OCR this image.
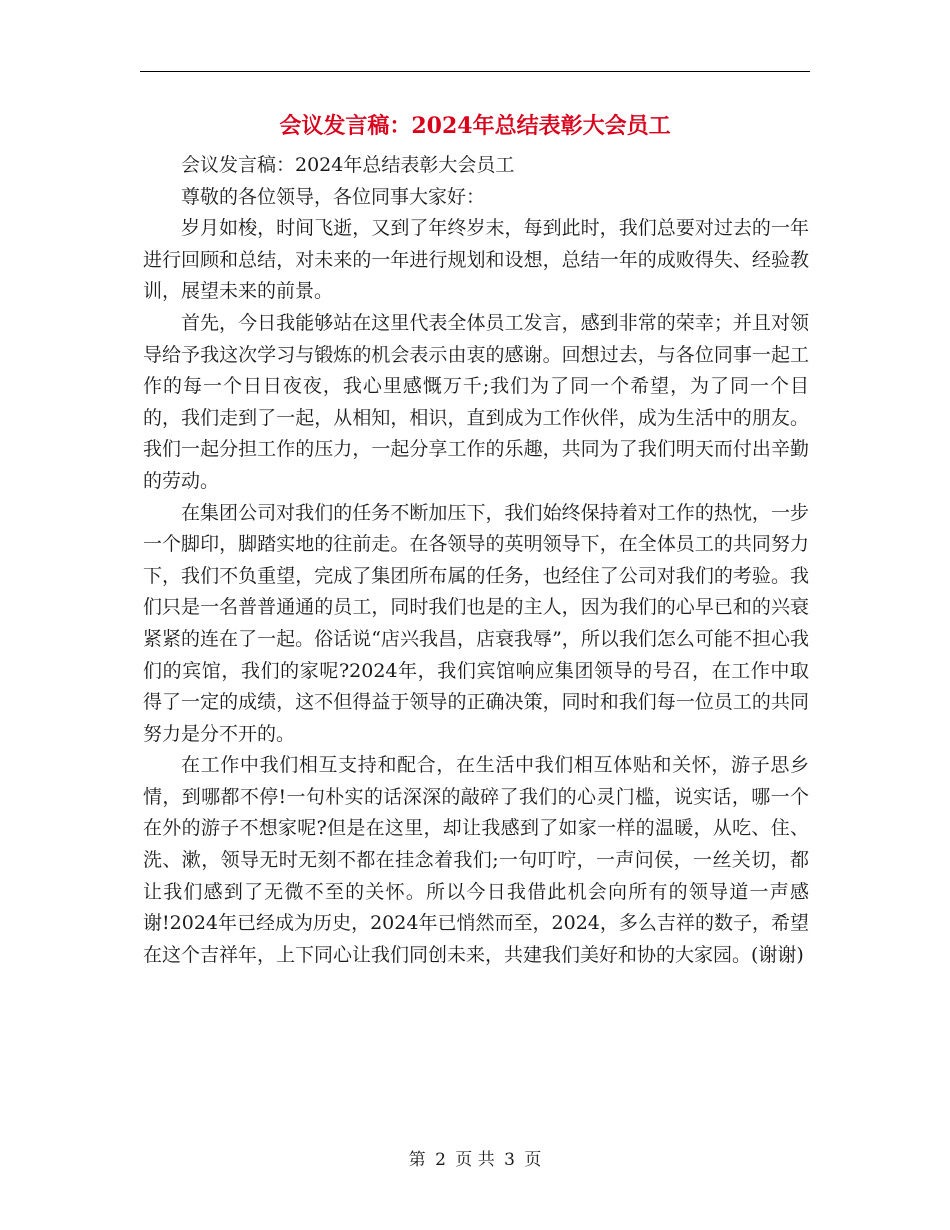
会议发言稿：2024年总结表彰大会员工

会议发言稿：2024年总结表彰大会员工

尊敬的各位领导，各位同事大家好：

岁月如梭，时间飞逝，又到了年终岁末，每到此时，我们总要对过去的一年进行回顾和总结，对未来的一年进行规划和设想，总结一年的成败得失、经验教训，展望未来的前景。

首先，今日我能够站在这里代表全体员工发言，感到非常的荣幸；并且对领导给予我这次学习与锻炼的机会表示由衷的感谢。回想过去，与各位同事一起工作的每一个日日夜夜，我心里感慨万千;我们为了同一个希望，为了同一个目的，我们走到了一起，从相知，相识，直到成为工作伙伴，成为生活中的朋友。我们一起分担工作的压力，一起分享工作的乐趣，共同为了我们明天而付出辛勤的劳动。

在集团公司对我们的任务不断加压下，我们始终保持着对工作的热忱，一步一个脚印，脚踏实地的往前走。在各领导的英明领导下，在全体员工的共同努力下，我们不负重望，完成了集团所布属的任务，也经住了公司对我们的考验。我们只是一名普普通通的员工，同时我们也是的主人，因为我们的心早已和的兴衰紧紧的连在了一起。俗话说“店兴我昌，店衰我辱”，所以我们怎么可能不担心我们的宾馆，我们的家呢?2024年，我们宾馆响应集团领导的号召，在工作中取得了一定的成绩，这不但得益于领导的正确决策，同时和我们每一位员工的共同努力是分不开的。

在工作中我们相互支持和配合，在生活中我们相互体贴和关怀，游子思乡情，到哪都不停!一句朴实的话深深的敲碎了我们的心灵门槛，说实话，哪一个在外的游子不想家呢?但是在这里，却让我感到了如家一样的温暖，从吃、住、洗、漱，领导无时无刻不都在挂念着我们;一句叮咛，一声问侯，一丝关切，都让我们感到了无微不至的关怀。所以今日我借此机会向所有的领导道一声感谢!2024年已经成为历史，2024年已悄然而至，2024，多么吉祥的数子，希望在这个吉祥年，上下同心让我们同创未来，共建我们美好和协的大家园。(谢谢)

第 2 页 共 3 页
